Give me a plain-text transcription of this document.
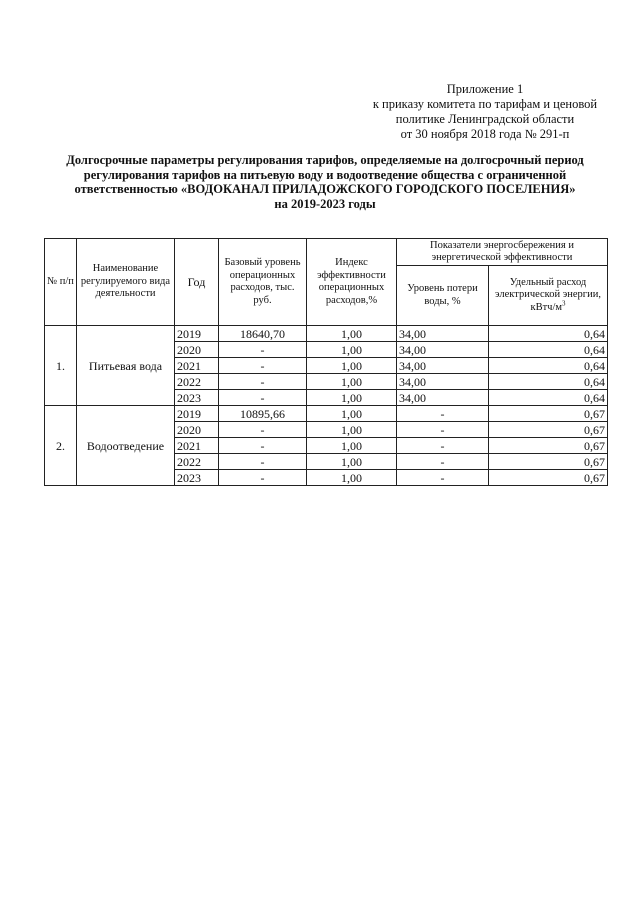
Приложение 1
к приказу комитета по тарифам и ценовой
политике Ленинградской области
от 30 ноября 2018 года № 291-п
Долгосрочные параметры регулирования тарифов, определяемые на долгосрочный период
регулирования тарифов на питьевую воду и водоотведение общества с ограниченной
ответственностью «ВОДОКАНАЛ ПРИЛАДОЖСКОГО ГОРОДСКОГО ПОСЕЛЕНИЯ»
на 2019-2023 годы
№ п/п	Наименование регулируемого вида деятельности	Год	Базовый уровень операционных расходов, тыс. руб.	Индекс эффективности операционных расходов,%	Показатели энергосбережения и энергетической эффективности	
					Уровень потери воды, %	Удельный расход электрической энергии, кВтч/$м^3$
1.	Питьевая вода	2019	18640,70	1,00	34,00	0,64
		2020	-	1,00	34,00	0,64
		2021	-	1,00	34,00	0,64
		2022	-	1,00	34,00	0,64
		2023	-	1,00	34,00	0,64
2.	Водоотведение	2019	10895,66	1,00	-	0,67
		2020	-	1,00	-	0,67
		2021	-	1,00	-	0,67
		2022	-	1,00	-	0,67
		2023	-	1,00	-	0,67
